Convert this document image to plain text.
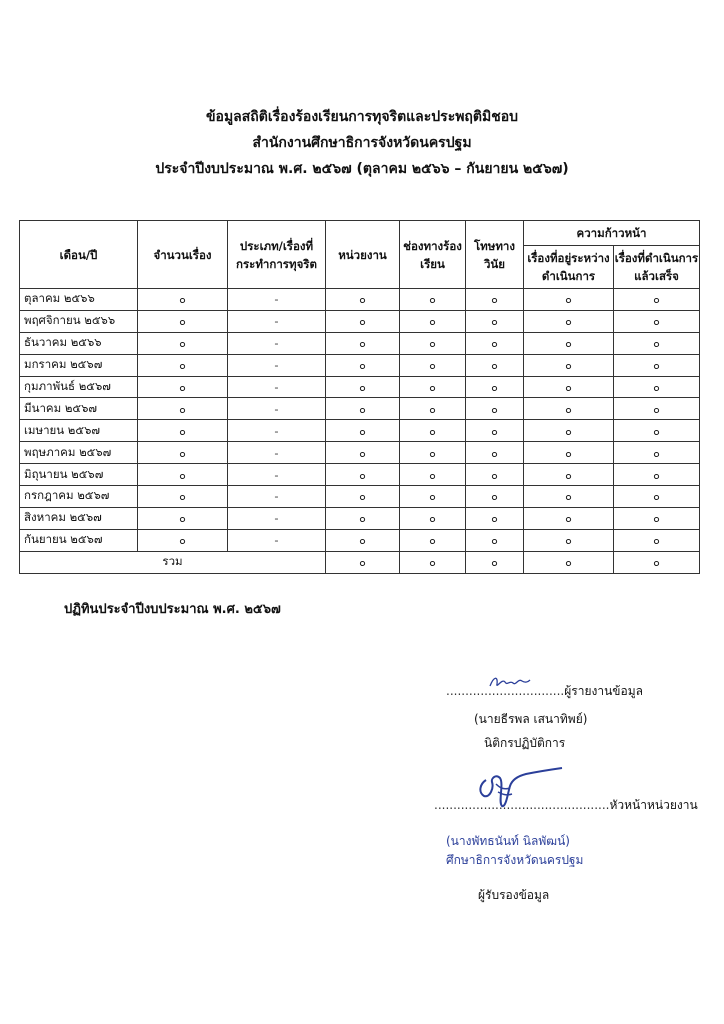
ข้อมูลสถิติเรื่องร้องเรียนการทุจริตและประพฤติมิชอบ
สำนักงานศึกษาธิการจังหวัดนครปฐม
ประจำปีงบประมาณ พ.ศ. ๒๕๖๗ (ตุลาคม ๒๕๖๖ – กันยายน ๒๕๖๗)
เดือน/ปี	จำนวนเรื่อง	ประเภท/เรื่องที่กระทำการทุจริต	หน่วยงาน	ช่องทางร้องเรียน	โทษทางวินัย	ความก้าวหน้า	
						เรื่องที่อยู่ระหว่างดำเนินการ	เรื่องที่ดำเนินการแล้วเสร็จ
ตุลาคม ๒๕๖๖	๐	-	๐	๐	๐	๐	๐
พฤศจิกายน ๒๕๖๖	๐	-	๐	๐	๐	๐	๐
ธันวาคม ๒๕๖๖	๐	-	๐	๐	๐	๐	๐
มกราคม ๒๕๖๗	๐	-	๐	๐	๐	๐	๐
กุมภาพันธ์ ๒๕๖๗	๐	-	๐	๐	๐	๐	๐
มีนาคม ๒๕๖๗	๐	-	๐	๐	๐	๐	๐
เมษายน ๒๕๖๗	๐	-	๐	๐	๐	๐	๐
พฤษภาคม ๒๕๖๗	๐	-	๐	๐	๐	๐	๐
มิถุนายน ๒๕๖๗	๐	-	๐	๐	๐	๐	๐
กรกฎาคม ๒๕๖๗	๐	-	๐	๐	๐	๐	๐
สิงหาคม ๒๕๖๗	๐	-	๐	๐	๐	๐	๐
กันยายน ๒๕๖๗	๐	-	๐	๐	๐	๐	๐
รวม			๐	๐	๐	๐	๐
ปฏิทินประจำปีงบประมาณ พ.ศ. ๒๕๖๗
...............................ผู้รายงานข้อมูล
(นายธีรพล เสนาทิพย์)
นิติกรปฏิบัติการ
..............................................หัวหน้าหน่วยงาน
(นางพัทธนันท์ นิลพัฒน์)
ศึกษาธิการจังหวัดนครปฐม
ผู้รับรองข้อมูล
